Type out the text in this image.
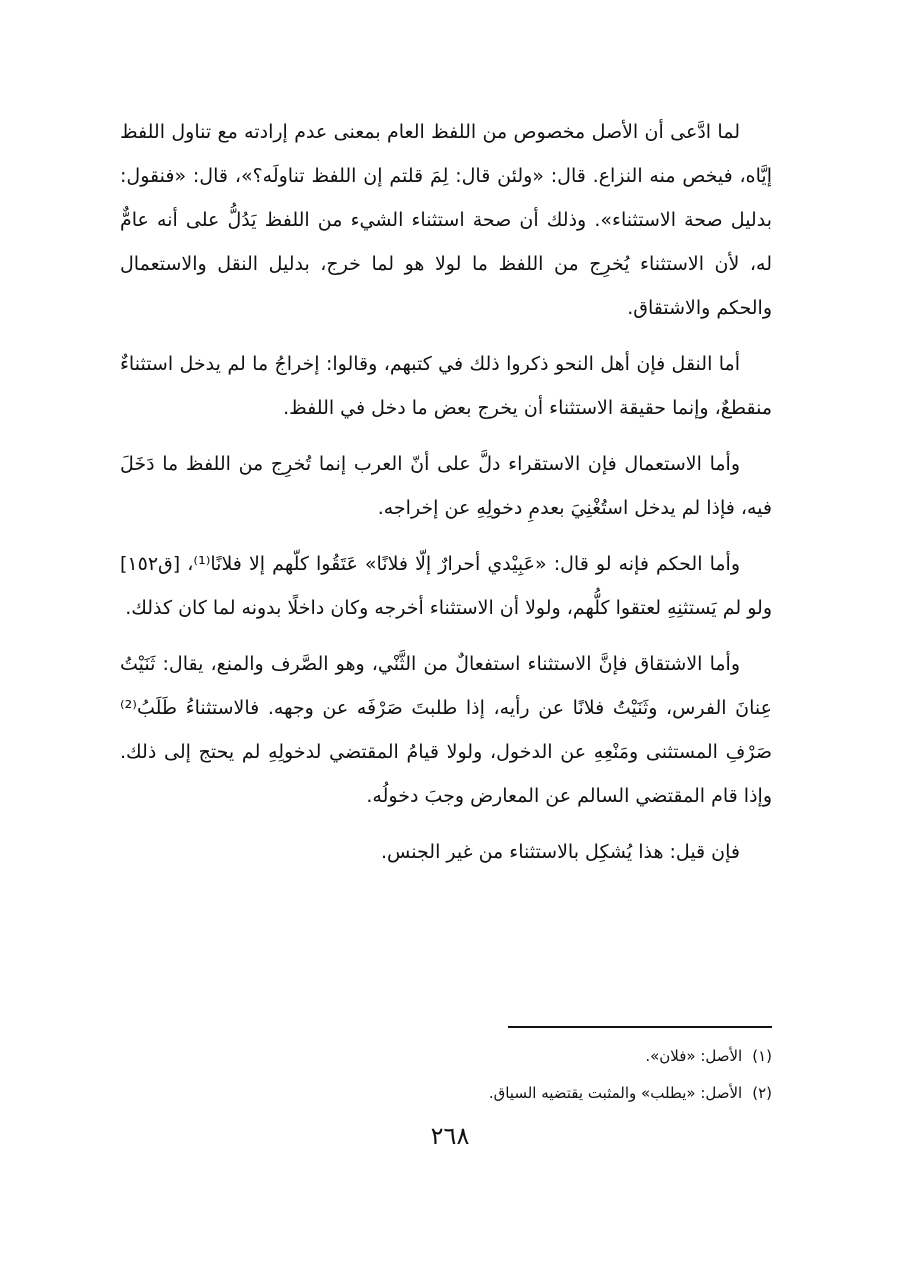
لما ادَّعى أن الأصل مخصوص من اللفظ العام بمعنى عدم إرادته مع تناول اللفظ إيَّاه، فيخص منه النزاع. قال: «ولئن قال: لِمَ قلتم إن اللفظ تناولَه؟»، قال: «فنقول: بدليل صحة الاستثناء». وذلك أن صحة استثناء الشيء من اللفظ يَدُلُّ على أنه عامٌّ له، لأن الاستثناء يُخرِج من اللفظ ما لولا هو لما خرج، بدليل النقل والاستعمال والحكم والاشتقاق.

أما النقل فإن أهل النحو ذكروا ذلك في كتبهم، وقالوا: إخراجُ ما لم يدخل استثناءٌ منقطعٌ، وإنما حقيقة الاستثناء أن يخرج بعض ما دخل في اللفظ.

وأما الاستعمال فإن الاستقراء دلَّ على أنّ العرب إنما تُخرِج من اللفظ ما دَخَلَ فيه، فإذا لم يدخل استُغْنِيَ بعدمِ دخولِهِ عن إخراجه.

وأما الحكم فإنه لو قال: «عَبِيْدي أحرارٌ إلّا فلانًا» عَتَقُوا كلّهم إلا فلانًا⁽¹⁾، [ق١٥٢] ولو لم يَستثنِهِ لعتقوا كلُّهم، ولولا أن الاستثناء أخرجه وكان داخلًا بدونه لما كان كذلك.

وأما الاشتقاق فإنَّ الاستثناء استفعالٌ من الثَّنْي، وهو الصَّرف والمنع، يقال: ثَنَيْتُ عِنانَ الفرس، وثَنَيْتُ فلانًا عن رأيه، إذا طلبتَ صَرْفَه عن وجهه. فالاستثناءُ طَلَبُ⁽²⁾ صَرْفِ المستثنى ومَنْعِهِ عن الدخول، ولولا قيامُ المقتضي لدخولِهِ لم يحتج إلى ذلك. وإذا قام المقتضي السالم عن المعارض وجبَ دخولُه.

فإن قيل: هذا يُشكِل بالاستثناء من غير الجنس.

(١)الأصل: «فلان».
(٢)الأصل: «يطلب» والمثبت يقتضيه السياق.
٢٦٨
